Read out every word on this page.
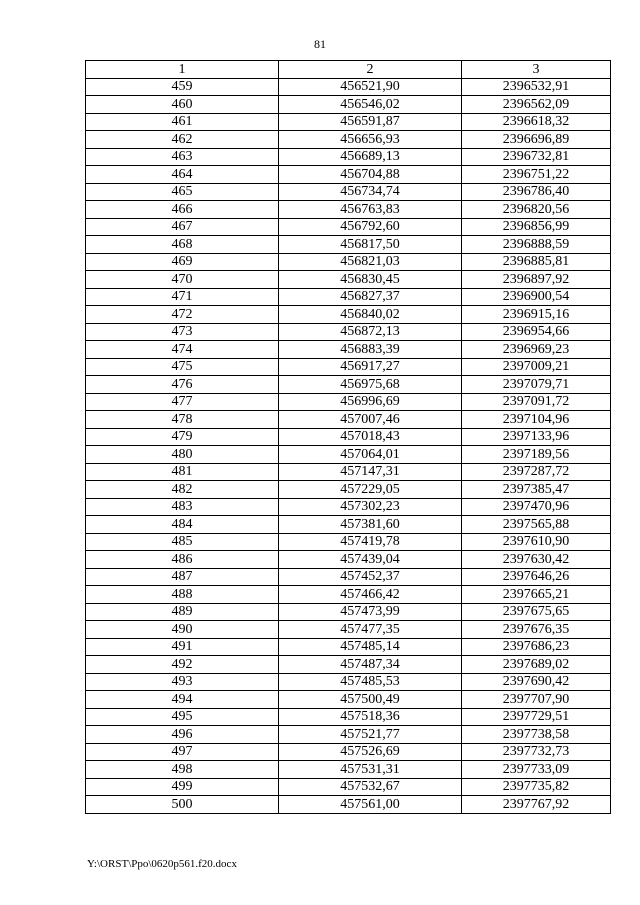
81
1	2	3
459	456521,90	2396532,91
460	456546,02	2396562,09
461	456591,87	2396618,32
462	456656,93	2396696,89
463	456689,13	2396732,81
464	456704,88	2396751,22
465	456734,74	2396786,40
466	456763,83	2396820,56
467	456792,60	2396856,99
468	456817,50	2396888,59
469	456821,03	2396885,81
470	456830,45	2396897,92
471	456827,37	2396900,54
472	456840,02	2396915,16
473	456872,13	2396954,66
474	456883,39	2396969,23
475	456917,27	2397009,21
476	456975,68	2397079,71
477	456996,69	2397091,72
478	457007,46	2397104,96
479	457018,43	2397133,96
480	457064,01	2397189,56
481	457147,31	2397287,72
482	457229,05	2397385,47
483	457302,23	2397470,96
484	457381,60	2397565,88
485	457419,78	2397610,90
486	457439,04	2397630,42
487	457452,37	2397646,26
488	457466,42	2397665,21
489	457473,99	2397675,65
490	457477,35	2397676,35
491	457485,14	2397686,23
492	457487,34	2397689,02
493	457485,53	2397690,42
494	457500,49	2397707,90
495	457518,36	2397729,51
496	457521,77	2397738,58
497	457526,69	2397732,73
498	457531,31	2397733,09
499	457532,67	2397735,82
500	457561,00	2397767,92
Y:\ORST\Ppo\0620p561.f20.docx
